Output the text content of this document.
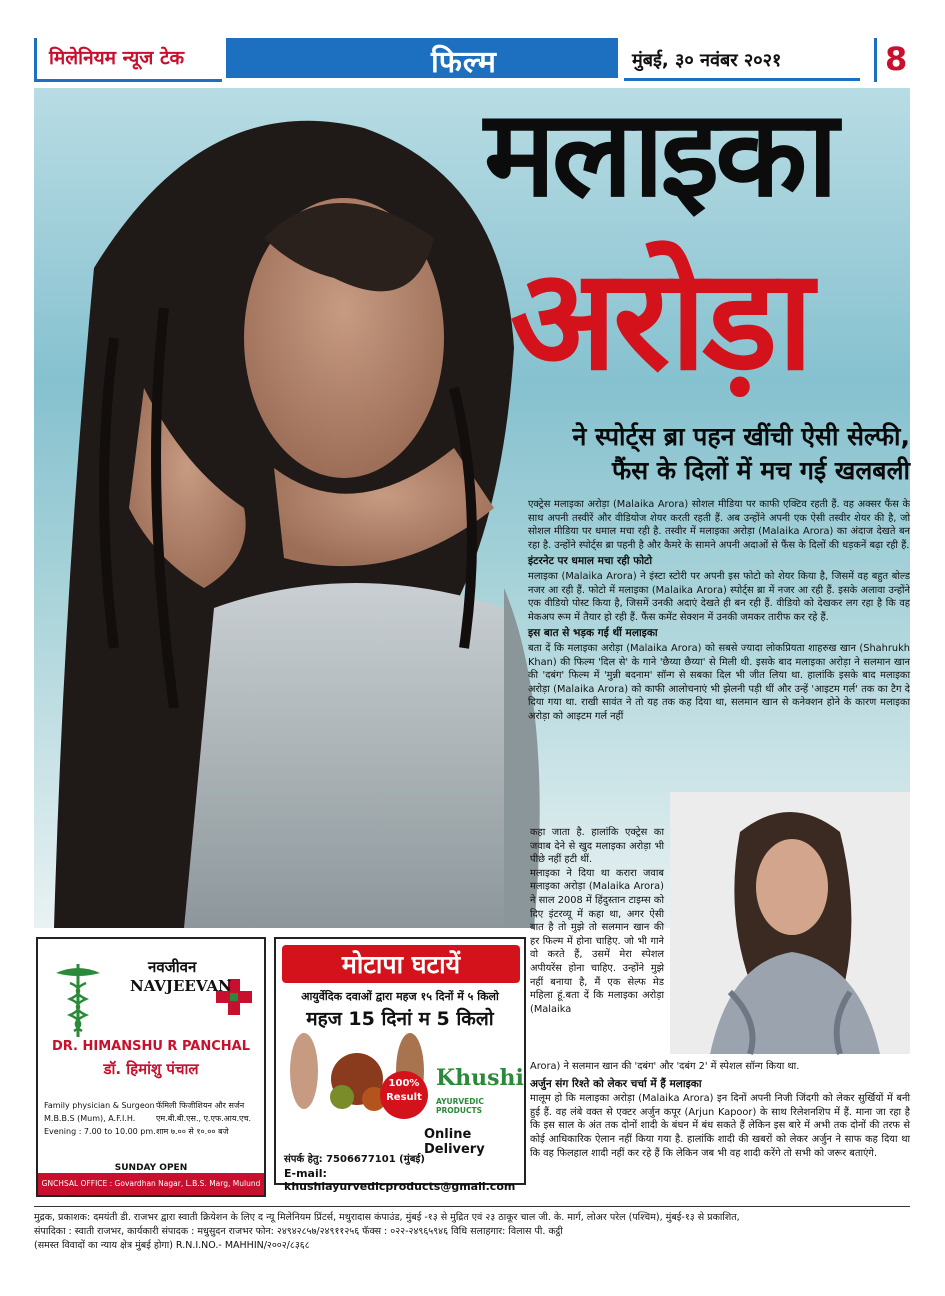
मिलेनियम न्यूज टेक	फिल्म	मुंबई, ३० नवंबर २०२१	8
मलाइका
अरोड़ा
ने स्पोर्ट्स ब्रा पहन खींची ऐसी सेल्फी,
फैंस के दिलों में मच गई खलबली

एक्ट्रेस मलाइका अरोड़ा (Malaika Arora) सोशल मीडिया पर काफी एक्टिव रहती हैं. वह अक्सर फैंस के साथ अपनी तस्वीरें और वीडियोज शेयर करती रहती हैं. अब उन्होंने अपनी एक ऐसी तस्वीर शेयर की है, जो सोशल मीडिया पर धमाल मचा रही है. तस्वीर में मलाइका अरोड़ा (Malaika Arora) का अंदाज देखते बन रहा है. उन्होंने स्पोर्ट्स ब्रा पहनी है और कैमरे के सामने अपनी अदाओं से फैंस के दिलों की धड़कनें बढ़ा रही हैं.

इंटरनेट पर धमाल मचा रही फोटो

मलाइका (Malaika Arora) ने इंस्टा स्टोरी पर अपनी इस फोटो को शेयर किया है, जिसमें वह बहुत बोल्ड नजर आ रही हैं. फोटो में मलाइका (Malaika Arora) स्पोर्ट्स ब्रा में नजर आ रही हैं. इसके अलावा उन्होंने एक वीडियो पोस्ट किया है, जिसमें उनकी अदाएं देखते ही बन रही हैं. वीडियो को देखकर लग रहा है कि वह मेकअप रूम में तैयार हो रही हैं. फैंस कमेंट सेक्शन में उनकी जमकर तारीफ कर रहे हैं.

इस बात से भड़क गई थीं मलाइका

बता दें कि मलाइका अरोड़ा (Malaika Arora) को सबसे ज्यादा लोकप्रियता शाहरुख खान (Shahrukh Khan) की फिल्म 'दिल से' के गाने 'छैय्या छैय्या' से मिली थी. इसके बाद मलाइका अरोड़ा ने सलमान खान की 'दबंग' फिल्म में 'मुन्नी बदनाम' सॉन्ग से सबका दिल भी जीत लिया था. हालांकि इसके बाद मलाइका अरोड़ा (Malaika Arora) को काफी आलोचनाएं भी झेलनी पड़ी थीं और उन्हें 'आइटम गर्ल' तक का टैग दे दिया गया था. राखी सावंत ने तो यह तक कह दिया था, सलमान खान से कनेक्शन होने के कारण मलाइका अरोड़ा को आइटम गर्ल नहीं

कहा जाता है. हालांकि एक्ट्रेस का जवाब देने से खुद मलाइका अरोड़ा भी पीछे नहीं हटी थीं.

मलाइका ने दिया था करारा जवाब मलाइका अरोड़ा (Malaika Arora) ने साल 2008 में हिंदुस्तान टाइम्स को दिए इंटरव्यू में कहा था, अगर ऐसी बात है तो मुझे तो सलमान खान की हर फिल्म में होना चाहिए. जो भी गाने वो करते हैं, उसमें मेरा स्पेशल अपीयरेंस होना चाहिए. उन्होंने मुझे नहीं बनाया है, मैं एक सेल्फ मेड महिला हूं.बता दें कि मलाइका अरोड़ा (Malaika

Arora) ने सलमान खान की 'दबंग' और 'दबंग 2' में स्पेशल सॉन्ग किया था.

अर्जुन संग रिश्ते को लेकर चर्चा में हैं मलाइका

मालूम हो कि मलाइका अरोड़ा (Malaika Arora) इन दिनों अपनी निजी जिंदगी को लेकर सुर्खियों में बनी हुई हैं. वह लंबे वक्त से एक्टर अर्जुन कपूर (Arjun Kapoor) के साथ रिलेशनशिप में हैं. माना जा रहा है कि इस साल के अंत तक दोनों शादी के बंधन में बंध सकते हैं लेकिन इस बारे में अभी तक दोनों की तरफ से कोई आधिकारिक ऐलान नहीं किया गया है. हालांकि शादी की खबरों को लेकर अर्जुन ने साफ कह दिया था कि वह फिलहाल शादी नहीं कर रहे हैं कि लेकिन जब भी वह शादी करेंगे तो सभी को जरूर बताएंगे.

नवजीवन
NAVJEEVAN
DR. HIMANSHU R PANCHAL
डॉ. हिमांशु पंचाल
Family physician & Surgeon
M.B.B.S (Mum), A.F.I.H.
Evening : 7.00 to 10.00 pm.
फॅमिली फिजीशियन और सर्जन
एम.बी.बी.एस., ए.एफ.आय.एच.
शाम ७.०० से १०.०० बजे
SUNDAY OPEN
GNCHSAL OFFICE : Govardhan Nagar, L.B.S. Marg, Mulund (W), Mumbai - 400 080
मोटापा घटायें
आयुर्वेदिक दवाओं द्वारा महज १५ दिनों में ५ किलो
महज 15 दिनां म 5 किलो
100% Result
Khushi
AYURVEDIC PRODUCTS
संपर्क हेतु: 7506677101 (मुंबई)
Online Delivery
E-mail: khushiayurvedicproducts@gmail.com
मुद्रक, प्रकाशक: दमयंती डी. राजभर द्वारा स्वाती क्रियेशन के लिए द न्यू मिलेनियम प्रिंटर्स, मथुरादास कंपाउंड, मुंबई -१३ से मुद्रित एवं २३ ठाकूर चाल जी. के. मार्ग, लोअर परेल (पश्चिम), मुंबई-१३ से प्रकाशित,
संपादिका : स्वाती राजभर, कार्यकारी संपादक : मधुसुदन राजभर फोन: २४९४२८५७/२४९११२५६ फॅक्स : ०२२-२४९६५९४६ विधि सलाहगार: विलास पी. कट्ठी
(समस्त विवादों का न्याय क्षेत्र मुंबई होगा) R.N.I.NO.- MAHHIN/२००२/८३६८
